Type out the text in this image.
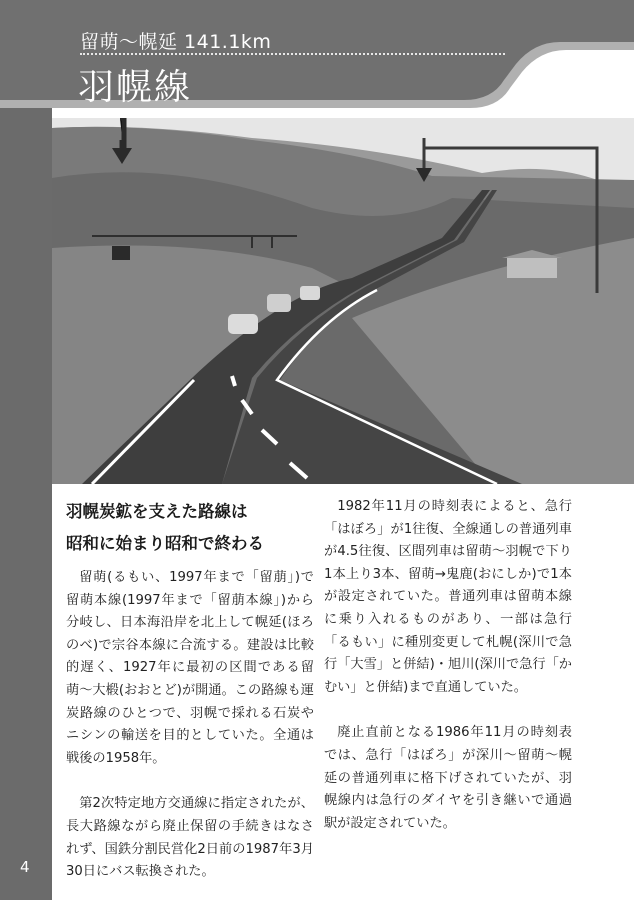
留萌〜幌延 141.1km

羽幌線

羽幌炭鉱を支えた路線は
昭和に始まり昭和で終わる

留萌(るもい、1997年まで「留萠」)で留萌本線(1997年まで「留萠本線」)から分岐し、日本海沿岸を北上して幌延(ほろのべ)で宗谷本線に合流する。建設は比較的遅く、1927年に最初の区間である留萌〜大椴(おおとど)が開通。この路線も運炭路線のひとつで、羽幌で採れる石炭やニシンの輸送を目的としていた。全通は戦後の1958年。

第2次特定地方交通線に指定されたが、長大路線ながら廃止保留の手続きはなされず、国鉄分割民営化2日前の1987年3月30日にバス転換された。

1982年11月の時刻表によると、急行「はぼろ」が1往復、全線通しの普通列車が4.5往復、区間列車は留萌〜羽幌で下り1本上り3本、留萌→鬼鹿(おにしか)で1本が設定されていた。普通列車は留萌本線に乗り入れるものがあり、一部は急行「るもい」に種別変更して札幌(深川で急行「大雪」と併結)・旭川(深川で急行「かむい」と併結)まで直通していた。

廃止直前となる1986年11月の時刻表では、急行「はぼろ」が深川〜留萌〜幌延の普通列車に格下げされていたが、羽幌線内は急行のダイヤを引き継いで通過駅が設定されていた。

4
